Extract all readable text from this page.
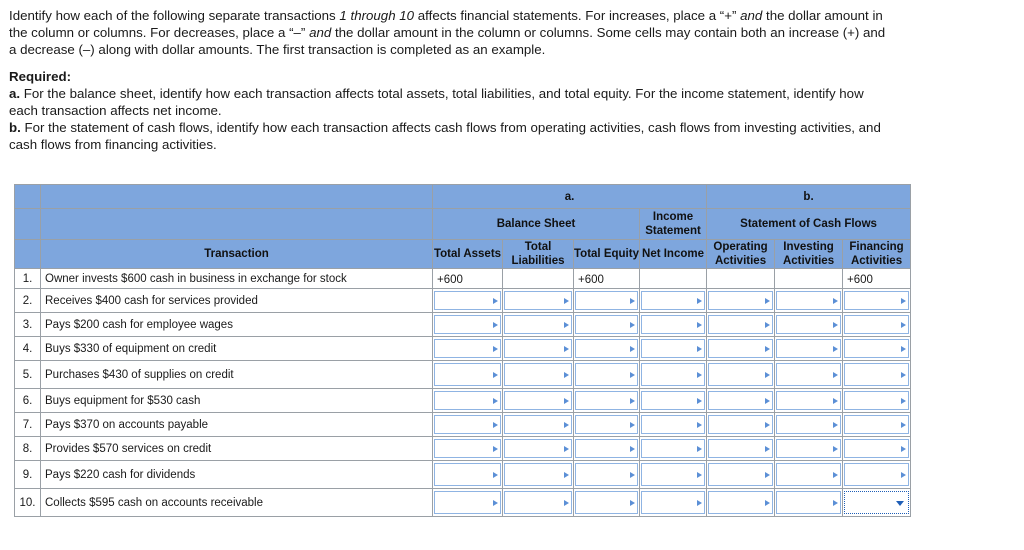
Identify how each of the following separate transactions 1 through 10 affects financial statements. For increases, place a “+” and the dollar amount in the column or columns. For decreases, place a “–” and the dollar amount in the column or columns. Some cells may contain both an increase (+) and a decrease (–) along with dollar amounts. The first transaction is completed as an example.

Required:

a. For the balance sheet, identify how each transaction affects total assets, total liabilities, and total equity. For the income statement, identify how each transaction affects net income.

b. For the statement of cash flows, identify how each transaction affects cash flows from operating activities, cash flows from investing activities, and cash flows from financing activities.

		a.				b.		
		Balance Sheet			Income Statement	Statement of Cash Flows		
	Transaction	Total Assets	Total Liabilities	Total Equity	Net Income	Operating Activities	Investing Activities	Financing Activities
1.	Owner invests $600 cash in business in exchange for stock	+600		+600				+600

2.	Receives $400 cash for services provided	

3.	Pays $200 cash for employee wages	

4.	Buys $330 of equipment on credit	

5.	Purchases $430 of supplies on credit	

6.	Buys equipment for $530 cash	

7.	Pays $370 on accounts payable	

8.	Provides $570 services on credit	

9.	Pays $220 cash for dividends	

10.	Collects $595 cash on accounts receivable	
